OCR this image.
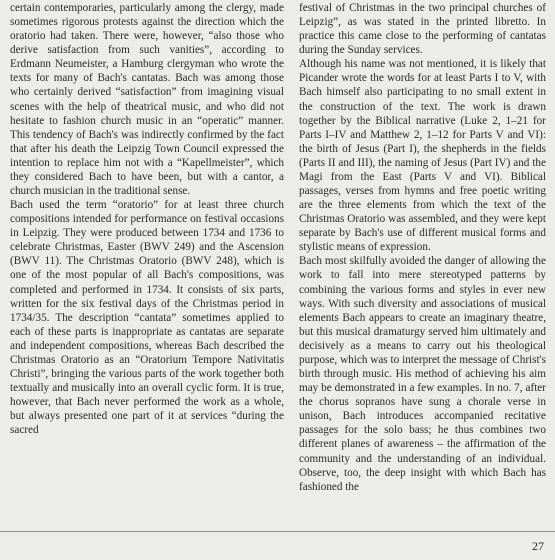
certain contemporaries, particularly among the clergy, made sometimes rigorous protests against the direction which the oratorio had taken. There were, however, “also those who derive satisfaction from such vanities”, according to Erdmann Neumeister, a Hamburg clergyman who wrote the texts for many of Bach's cantatas. Bach was among those who certainly derived “satisfaction” from imagining visual scenes with the help of theatrical music, and who did not hesitate to fashion church music in an “operatic” manner. This tendency of Bach's was indirectly confirmed by the fact that after his death the Leipzig Town Council expressed the intention to replace him not with a “Kapellmeister”, which they considered Bach to have been, but with a cantor, a church musician in the traditional sense.

Bach used the term “oratorio” for at least three church compositions intended for performance on festival occasions in Leipzig. They were produced between 1734 and 1736 to celebrate Christmas, Easter (BWV 249) and the Ascension (BWV 11). The Christmas Oratorio (BWV 248), which is one of the most popular of all Bach's compositions, was completed and performed in 1734. It consists of six parts, written for the six festival days of the Christmas period in 1734/35. The description “cantata” sometimes applied to each of these parts is inappropriate as cantatas are separate and independent compositions, whereas Bach described the Christmas Oratorio as an “Oratorium Tempore Nativitatis Christi”, bringing the various parts of the work together both textually and musically into an overall cyclic form. It is true, however, that Bach never performed the work as a whole, but always presented one part of it at services “during the sacred

festival of Christmas in the two principal churches of Leipzig”, as was stated in the printed libretto. In practice this came close to the performing of cantatas during the Sunday services.

Although his name was not mentioned, it is likely that Picander wrote the words for at least Parts I to V, with Bach himself also participating to no small extent in the construction of the text. The work is drawn together by the Biblical narrative (Luke 2, 1–21 for Parts I–IV and Matthew 2, 1–12 for Parts V and VI): the birth of Jesus (Part I), the shepherds in the fields (Parts II and III), the naming of Jesus (Part IV) and the Magi from the East (Parts V and VI). Biblical passages, verses from hymns and free poetic writing are the three elements from which the text of the Christmas Oratorio was assembled, and they were kept separate by Bach's use of different musical forms and stylistic means of expression.

Bach most skilfully avoided the danger of allowing the work to fall into mere stereotyped patterns by combining the various forms and styles in ever new ways. With such diversity and associations of musical elements Bach appears to create an imaginary theatre, but this musical dramaturgy served him ultimately and decisively as a means to carry out his theological purpose, which was to interpret the message of Christ's birth through music. His method of achieving his aim may be demonstrated in a few examples. In no. 7, after the chorus sopranos have sung a chorale verse in unison, Bach introduces accompanied recitative passages for the solo bass; he thus combines two different planes of awareness – the affirmation of the community and the understanding of an individual. Observe, too, the deep insight with which Bach has fashioned the

27
